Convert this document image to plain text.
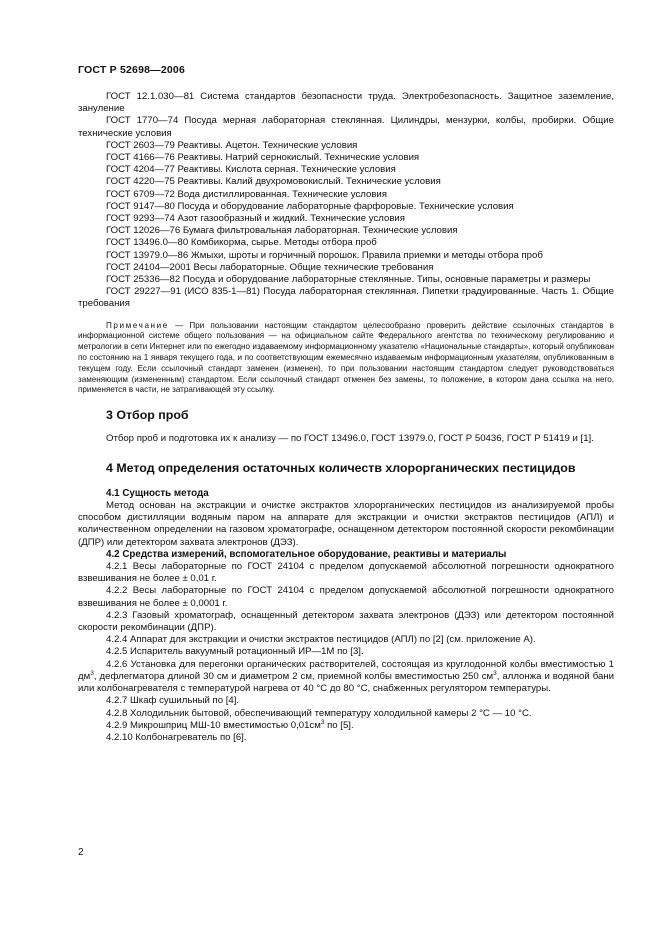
ГОСТ Р 52698—2006

ГОСТ 12.1.030—81 Система стандартов безопасности труда. Электробезопасность. Защитное заземление, зануление

ГОСТ 1770—74 Посуда мерная лабораторная стеклянная. Цилиндры, мензурки, колбы, пробирки. Общие технические условия

ГОСТ 2603—79 Реактивы. Ацетон. Технические условия

ГОСТ 4166—76 Реактивы. Натрий сернокислый. Технические условия

ГОСТ 4204—77 Реактивы. Кислота серная. Технические условия

ГОСТ 4220—75 Реактивы. Калий двухромовокислый. Технические условия

ГОСТ 6709—72 Вода дистиллированная. Технические условия

ГОСТ 9147—80 Посуда и оборудование лабораторные фарфоровые. Технические условия

ГОСТ 9293—74 Азот газообразный и жидкий. Технические условия

ГОСТ 12026—76 Бумага фильтровальная лабораторная. Технические условия

ГОСТ 13496.0—80 Комбикорма, сырье. Методы отбора проб

ГОСТ 13979.0—86 Жмыхи, шроты и горчичный порошок. Правила приемки и методы отбора проб

ГОСТ 24104—2001 Весы лабораторные. Общие технические требования

ГОСТ 25336—82 Посуда и оборудование лабораторные стеклянные. Типы, основные параметры и размеры

ГОСТ 29227—91 (ИСО 835-1—81) Посуда лабораторная стеклянная. Пипетки градуированные. Часть 1. Общие требования

Примечание — При пользовании настоящим стандартом целесообразно проверить действие ссылочных стандартов в информационной системе общего пользования — на официальном сайте Федерального агентства по техническому регулированию и метрологии в сети Интернет или по ежегодно издаваемому информационному указателю «Национальные стандарты», который опубликован по состоянию на 1 января текущего года, и по соответствующим ежемесячно издаваемым информационным указателям, опубликованным в текущем году. Если ссылочный стандарт заменен (изменен), то при пользовании настоящим стандартом следует руководствоваться заменяющим (измененным) стандартом. Если ссылочный стандарт отменен без замены, то положение, в котором дана ссылка на него, применяется в части, не затрагивающей эту ссылку.

3 Отбор проб

Отбор проб и подготовка их к анализу — по ГОСТ 13496.0, ГОСТ 13979.0, ГОСТ Р 50436, ГОСТ Р 51419 и [1].

4 Метод определения остаточных количеств хлорорганических пестицидов
4.1 Сущность метода

Метод основан на экстракции и очистке экстрактов хлорорганических пестицидов из анализируемой пробы способом дистилляции водяным паром на аппарате для экстракции и очистки экстрактов пестицидов (АПЛ) и количественном определении на газовом хроматографе, оснащенном детектором постоянной скорости рекомбинации (ДПР) или детектором захвата электронов (ДЭЗ).

4.2 Средства измерений, вспомогательное оборудование, реактивы и материалы

4.2.1 Весы лабораторные по ГОСТ 24104 с пределом допускаемой абсолютной погрешности однократного взвешивания не более ± 0,01 г.

4.2.2 Весы лабораторные по ГОСТ 24104 с пределом допускаемой абсолютной погрешности однократного взвешивания не более ± 0,0001 г.

4.2.3 Газовый хроматограф, оснащенный детектором захвата электронов (ДЭЗ) или детектором постоянной скорости рекомбинации (ДПР).

4.2.4 Аппарат для экстракции и очистки экстрактов пестицидов (АПЛ) по [2] (см. приложение А).

4.2.5 Испаритель вакуумный ротационный ИР—1М по [3].

4.2.6 Установка для перегонки органических растворителей, состоящая из круглодонной колбы вместимостью 1 $дм^3$, дефлегматора длиной 30 см и диаметром 2 см, приемной колбы вместимостью 250 $см^3$, аллонжа и водяной бани или колбонагревателя с температурой нагрева от 40 °С до 80 °С, снабженных регулятором температуры.

4.2.7 Шкаф сушильный по [4].

4.2.8 Холодильник бытовой, обеспечивающий температуру холодильной камеры 2 °С — 10 °С.

4.2.9 Микрошприц МШ-10 вместимостью $0,01см^3$ по [5].

4.2.10 Колбонагреватель по [6].

2
